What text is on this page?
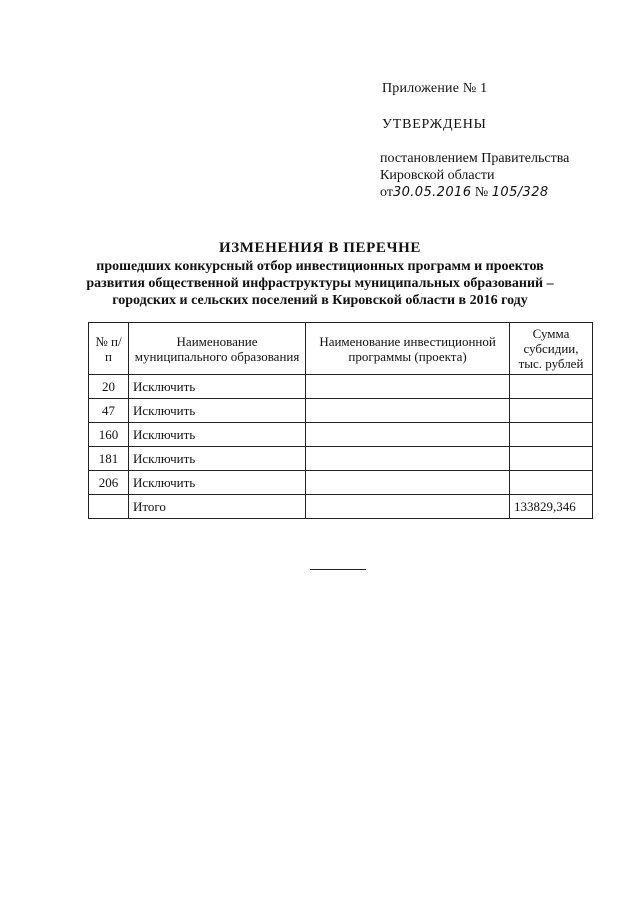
Приложение № 1
УТВЕРЖДЕНЫ
постановлением Правительства
Кировской области
от30.05.2016 № 105/328
ИЗМЕНЕНИЯ В ПЕРЕЧНЕ
прошедших конкурсный отбор инвестиционных программ и проектов
развития общественной инфраструктуры муниципальных образований –
городских и сельских поселений в Кировской области в 2016 году
№ п/п	Наименование муниципального образования	Наименование инвестиционной программы (проекта)	Сумма субсидии, тыс. рублей
20	Исключить		
47	Исключить		
160	Исключить		
181	Исключить		
206	Исключить		
	Итого		133829,346
